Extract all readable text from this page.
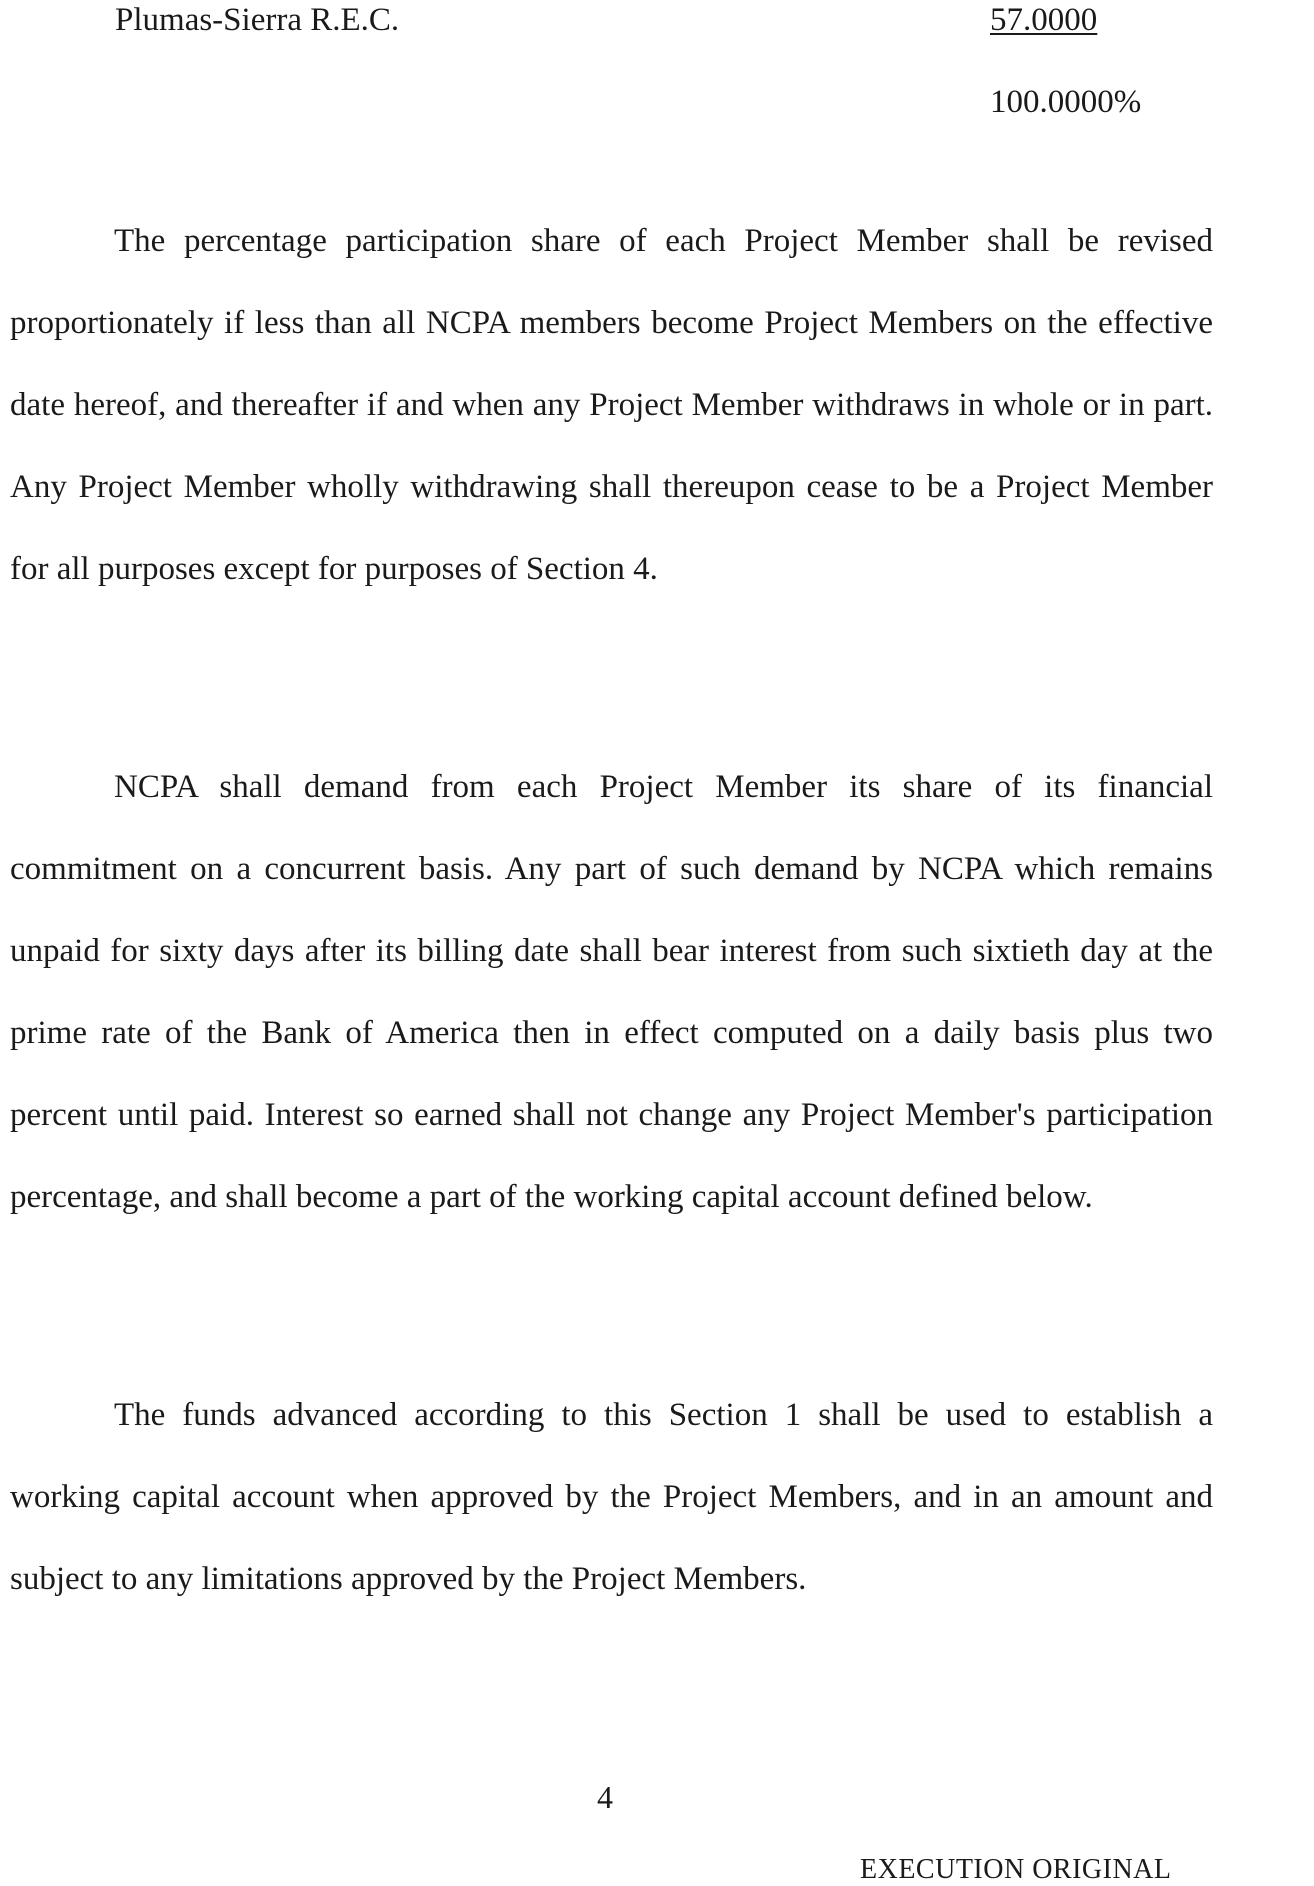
Plumas-Sierra R.E.C.	57.0000
100.0000%

The percentage participation share of each Project Member shall be revised proportionately if less than all NCPA members become Project Members on the effective date hereof, and thereafter if and when any Project Member withdraws in whole or in part. Any Project Member wholly withdrawing shall thereupon cease to be a Project Member for all purposes except for purposes of Section 4.

NCPA shall demand from each Project Member its share of its financial commitment on a concurrent basis. Any part of such demand by NCPA which remains unpaid for sixty days after its billing date shall bear interest from such sixtieth day at the prime rate of the Bank of America then in effect computed on a daily basis plus two percent until paid. Interest so earned shall not change any Project Member's participation percentage, and shall become a part of the working capital account defined below.

The funds advanced according to this Section 1 shall be used to establish a working capital account when approved by the Project Members, and in an amount and subject to any limitations approved by the Project Members.

4
EXECUTION ORIGINAL
